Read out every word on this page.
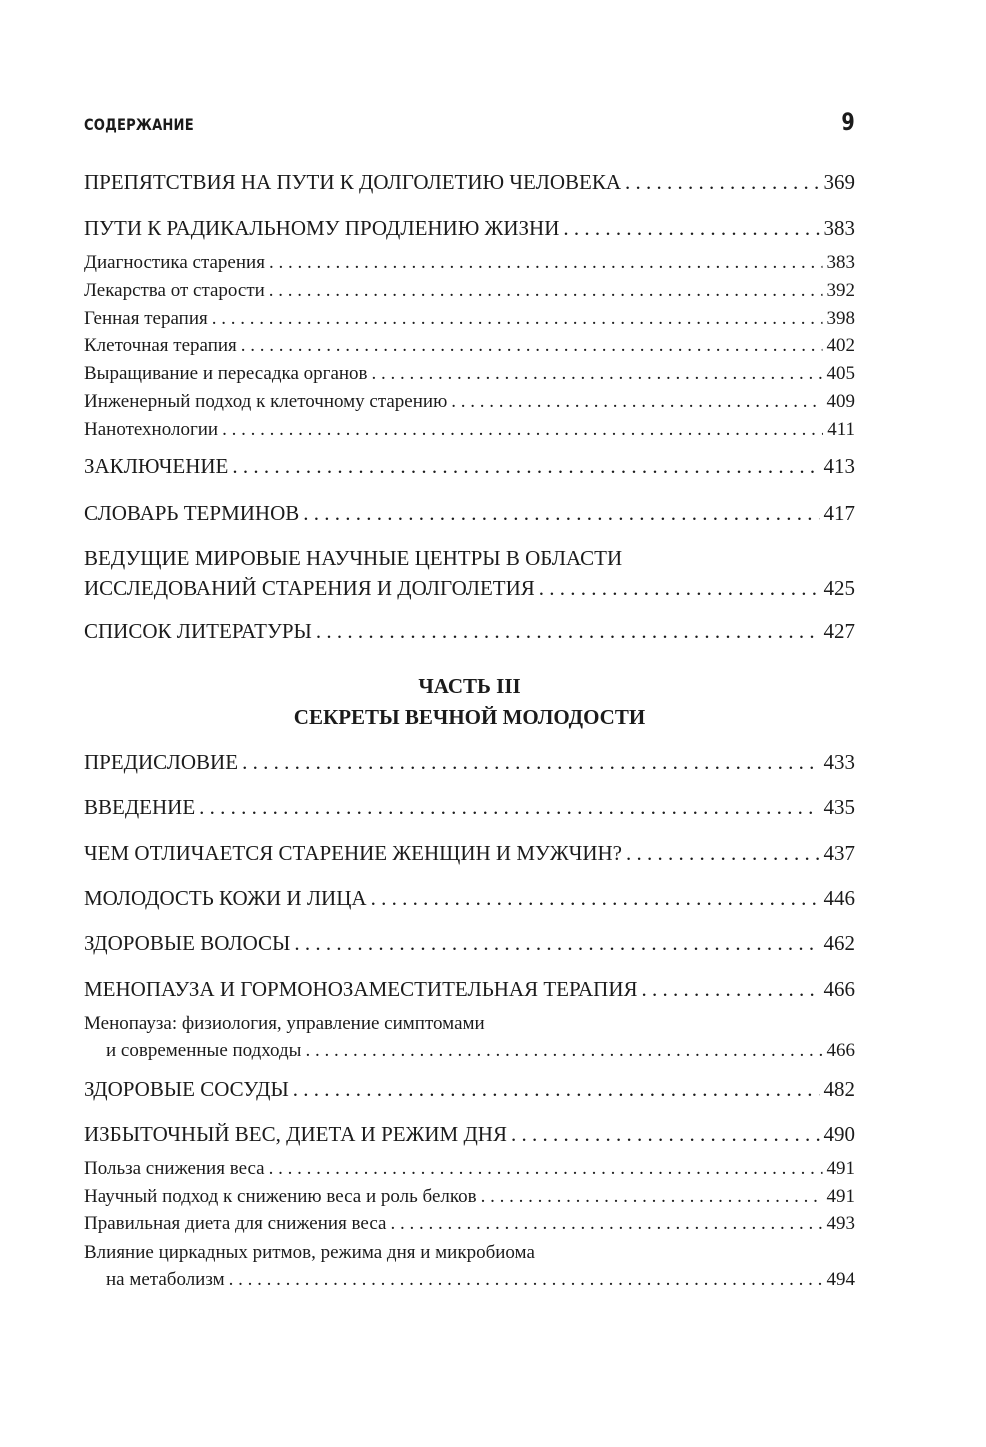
СОДЕРЖАНИЕ	9
ПРЕПЯТСТВИЯ НА ПУТИ К ДОЛГОЛЕТИЮ ЧЕЛОВЕКА . . .	369
ПУТИ К РАДИКАЛЬНОМУ ПРОДЛЕНИЮ ЖИЗНИ . . .	383
Диагностика старения . . .	383
Лекарства от старости . . .	392
Генная терапия . . .	398
Клеточная терапия . . .	402
Выращивание и пересадка органов . . .	405
Инженерный подход к клеточному старению . . .	409
Нанотехнологии . . .	411
ЗАКЛЮЧЕНИЕ . . .	413
СЛОВАРЬ ТЕРМИНОВ . . .	417
ВЕДУЩИЕ МИРОВЫЕ НАУЧНЫЕ ЦЕНТРЫ В ОБЛАСТИ
ИССЛЕДОВАНИЙ СТАРЕНИЯ И ДОЛГОЛЕТИЯ . . .	425
СПИСОК ЛИТЕРАТУРЫ . . .	427
ЧАСТЬ III
СЕКРЕТЫ ВЕЧНОЙ МОЛОДОСТИ
ПРЕДИСЛОВИЕ . . .	433
ВВЕДЕНИЕ . . .	435
ЧЕМ ОТЛИЧАЕТСЯ СТАРЕНИЕ ЖЕНЩИН И МУЖЧИН? . . .	437
МОЛОДОСТЬ КОЖИ И ЛИЦА . . .	446
ЗДОРОВЫЕ ВОЛОСЫ . . .	462
МЕНОПАУЗА И ГОРМОНОЗАМЕСТИТЕЛЬНАЯ ТЕРАПИЯ . . .	466
Менопауза: физиология, управление симптомами
и современные подходы . . .	466
ЗДОРОВЫЕ СОСУДЫ . . .	482
ИЗБЫТОЧНЫЙ ВЕС, ДИЕТА И РЕЖИМ ДНЯ . . .	490
Польза снижения веса . . .	491
Научный подход к снижению веса и роль белков . . .	491
Правильная диета для снижения веса . . .	493
Влияние циркадных ритмов, режима дня и микробиома
на метаболизм . . .	494
